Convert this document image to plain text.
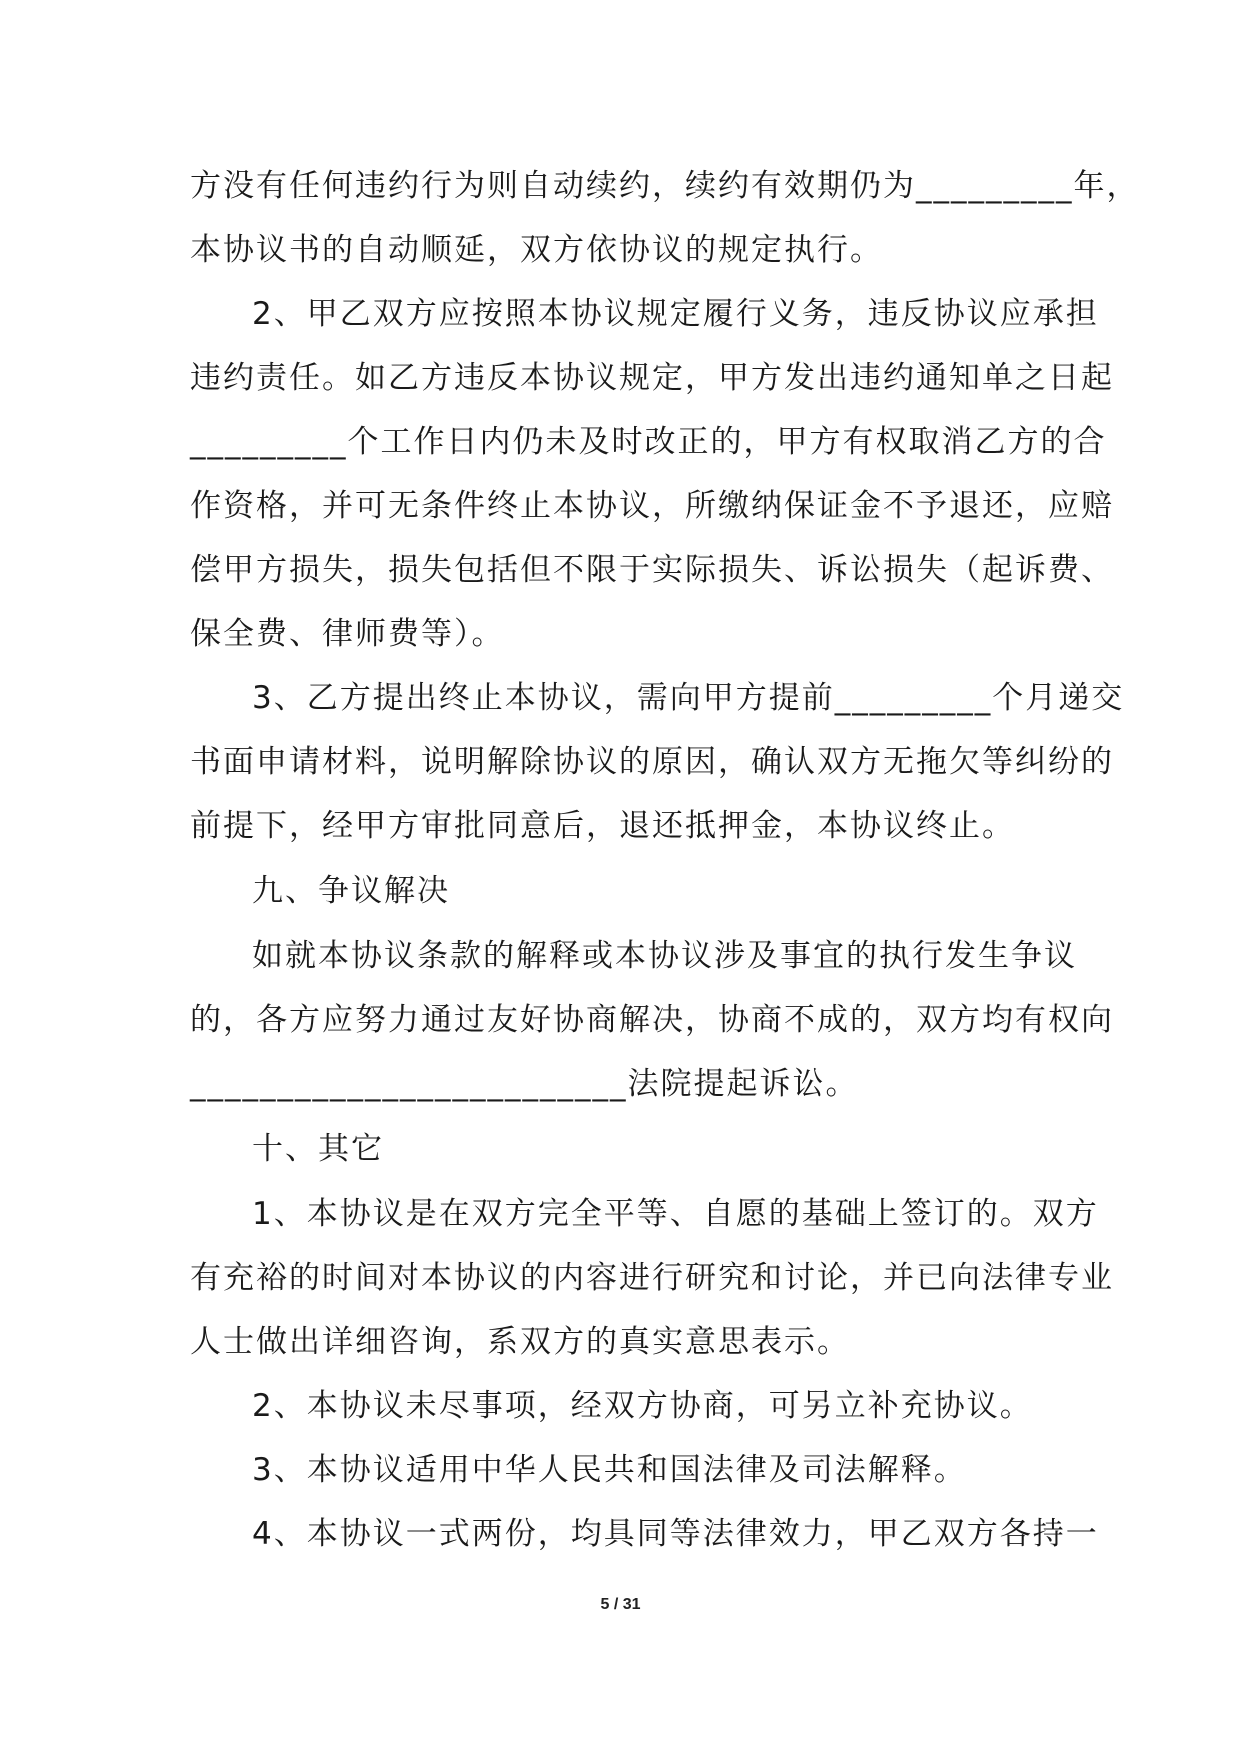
方没有任何违约行为则自动续约，续约有效期仍为_________年，
本协议书的自动顺延，双方依协议的规定执行。
2、甲乙双方应按照本协议规定履行义务，违反协议应承担
违约责任。如乙方违反本协议规定，甲方发出违约通知单之日起
_________个工作日内仍未及时改正的，甲方有权取消乙方的合
作资格，并可无条件终止本协议，所缴纳保证金不予退还，应赔
偿甲方损失，损失包括但不限于实际损失、诉讼损失（起诉费、
保全费、律师费等）。
3、乙方提出终止本协议，需向甲方提前_________个月递交
书面申请材料，说明解除协议的原因，确认双方无拖欠等纠纷的
前提下，经甲方审批同意后，退还抵押金，本协议终止。
九、争议解决
如就本协议条款的解释或本协议涉及事宜的执行发生争议
的，各方应努力通过友好协商解决，协商不成的，双方均有权向
_________________________法院提起诉讼。
十、其它
1、本协议是在双方完全平等、自愿的基础上签订的。双方
有充裕的时间对本协议的内容进行研究和讨论，并已向法律专业
人士做出详细咨询，系双方的真实意思表示。
2、本协议未尽事项，经双方协商，可另立补充协议。
3、本协议适用中华人民共和国法律及司法解释。
4、本协议一式两份，均具同等法律效力，甲乙双方各持一
5 / 31
